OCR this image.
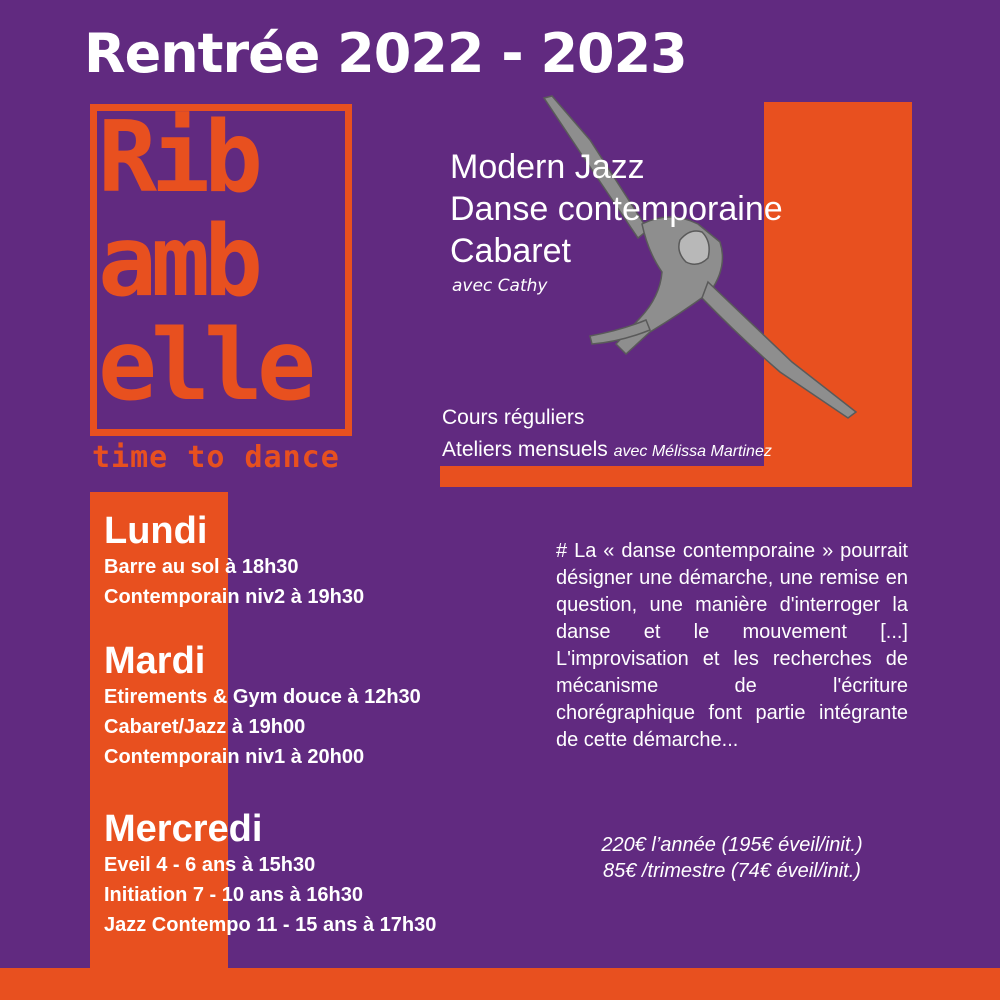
Rentrée 2022 - 2023
Rib
amb
elle
time to dance
Modern Jazz
Danse contemporaine
Cabaret
avec Cathy
Cours réguliers
Ateliers mensuels avec Mélissa Martinez
Lundi
Barre au sol à 18h30
Contemporain niv2 à 19h30
Mardi
Etirements & Gym douce à 12h30
Cabaret/Jazz à 19h00
Contemporain niv1 à 20h00
Mercredi
Eveil 4 - 6 ans à 15h30
Initiation 7 - 10 ans à 16h30
Jazz Contempo 11 - 15 ans à 17h30
# La « danse contemporaine » pourrait désigner une démarche, une remise en question, une manière d'interroger la danse et le mouvement [...] L'improvisation et les recherches de mécanisme de l'écriture chorégraphique font partie intégrante de cette démarche...
220€ l’année (195€ éveil/init.)
85€ /trimestre (74€ éveil/init.)
